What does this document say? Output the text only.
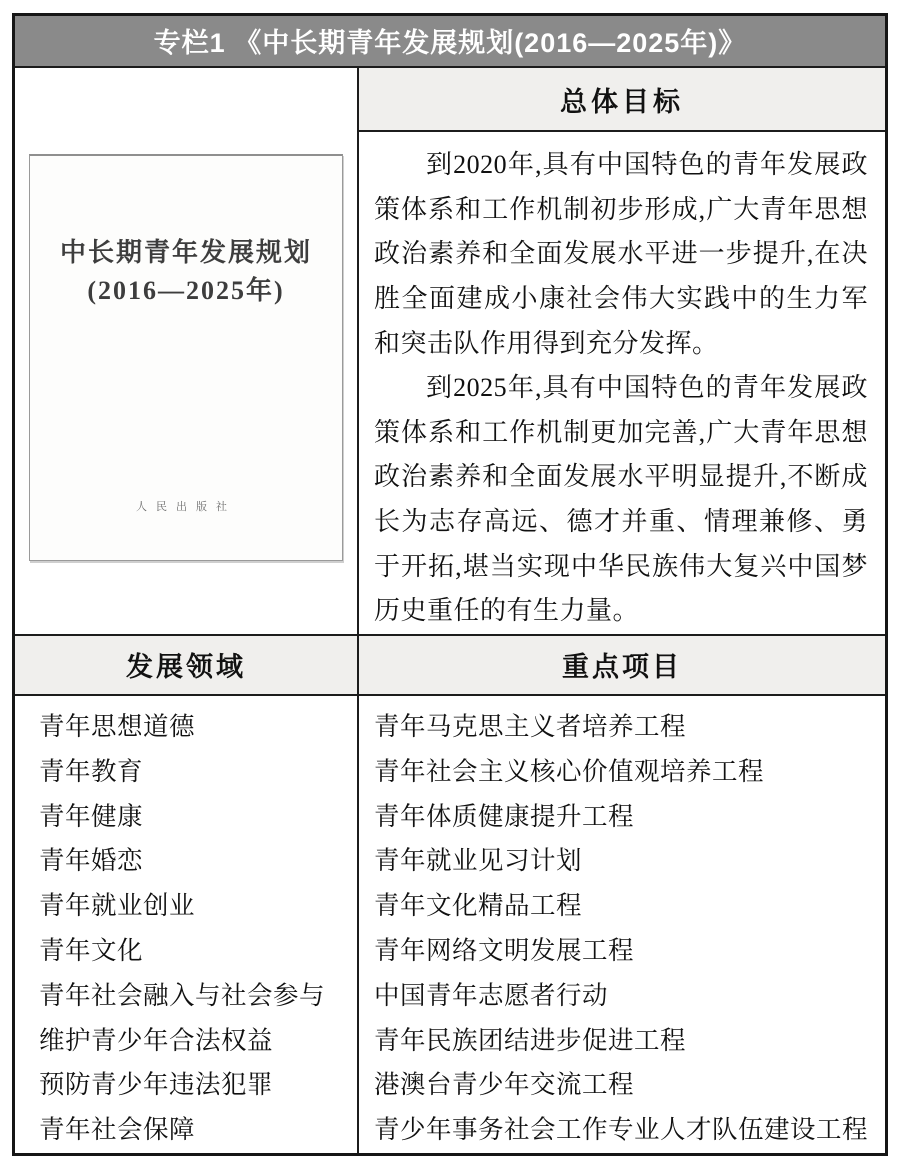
专栏1 《中长期青年发展规划(2016—2025年)》
中长期青年发展规划
(2016—2025年)
人民出版社
总体目标

到2020年,具有中国特色的青年发展政策体系和工作机制初步形成,广大青年思想政治素养和全面发展水平进一步提升,在决胜全面建成小康社会伟大实践中的生力军和突击队作用得到充分发挥。

到2025年,具有中国特色的青年发展政策体系和工作机制更加完善,广大青年思想政治素养和全面发展水平明显提升,不断成长为志存高远、德才并重、情理兼修、勇于开拓,堪当实现中华民族伟大复兴中国梦历史重任的有生力量。

发展领域	重点项目
青年思想道德
青年教育
青年健康
青年婚恋
青年就业创业
青年文化
青年社会融入与社会参与
维护青少年合法权益
预防青少年违法犯罪
青年社会保障
青年马克思主义者培养工程
青年社会主义核心价值观培养工程
青年体质健康提升工程
青年就业见习计划
青年文化精品工程
青年网络文明发展工程
中国青年志愿者行动
青年民族团结进步促进工程
港澳台青少年交流工程
青少年事务社会工作专业人才队伍建设工程
